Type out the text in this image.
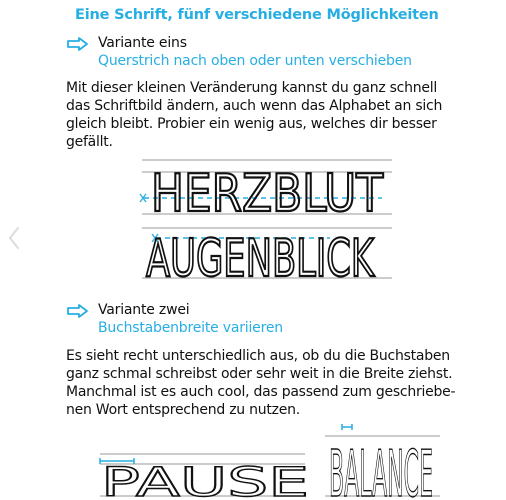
Eine Schrift, fünf verschiedene Möglichkeiten
Variante eins
Querstrich nach oben oder unten verschieben
Mit dieser kleinen Veränderung kannst du ganz schnell
das Schriftbild ändern, auch wenn das Alphabet an sich
gleich bleibt. Probier ein wenig aus, welches dir besser
gefällt.
HERZBLUT
AUGENBLICK
Variante zwei
Buchstabenbreite variieren
Es sieht recht unterschiedlich aus, ob du die Buchstaben
ganz schmal schreibst oder sehr weit in die Breite ziehst.
Manchmal ist es auch cool, das passend zum geschriebe-
nen Wort entsprechend zu nutzen.
PAUSE BALANCE
